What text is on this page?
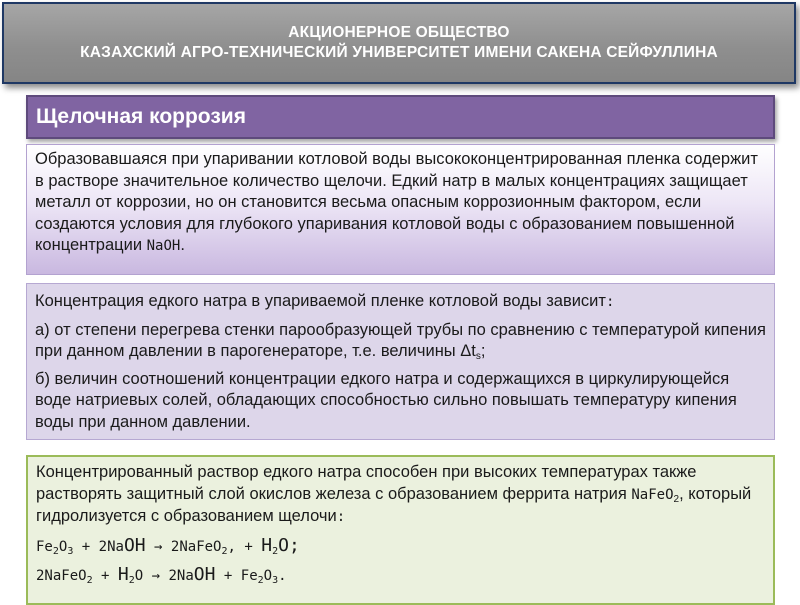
АКЦИОНЕРНОЕ ОБЩЕСТВО
КАЗАХСКИЙ АГРО-ТЕХНИЧЕСКИЙ УНИВЕРСИТЕТ ИМЕНИ САКЕНА СЕЙФУЛЛИНА
Щелочная коррозия

Образовавшаяся при упаривании котловой воды высококонцентрированная пленка содержит в растворе значительное количество щелочи. Едкий натр в малых концентрациях защищает металл от коррозии, но он становится весьма опасным коррозионным фактором, если создаются условия для глубокого упаривания котловой воды с образованием повышенной концентрации NaOH.

Концентрация едкого натра в упариваемой пленке котловой воды зависит:

а) от степени перегрева стенки парообразующей трубы по сравнению с температурой кипения при данном давлении в парогенераторе, т.е. величины $\Delta t_s$;

б) величин соотношений концентрации едкого натра и содержащихся в циркулирующейся воде натриевых солей, обладающих способностью сильно повышать температуру кипения воды при данном давлении.

Концентрированный раствор едкого натра способен при высоких температурах также растворять защитный слой окислов железа с образованием феррита натрия NaFeO$_2$, который гидролизуется с образованием щелочи:

$Fe_2O_3$ + 2NaOH → 2NaFeO$_2$, + $H_2O$;

2NaFeO$_2$ + $H_2O$ → 2NaOH + $Fe_2O_3$.
